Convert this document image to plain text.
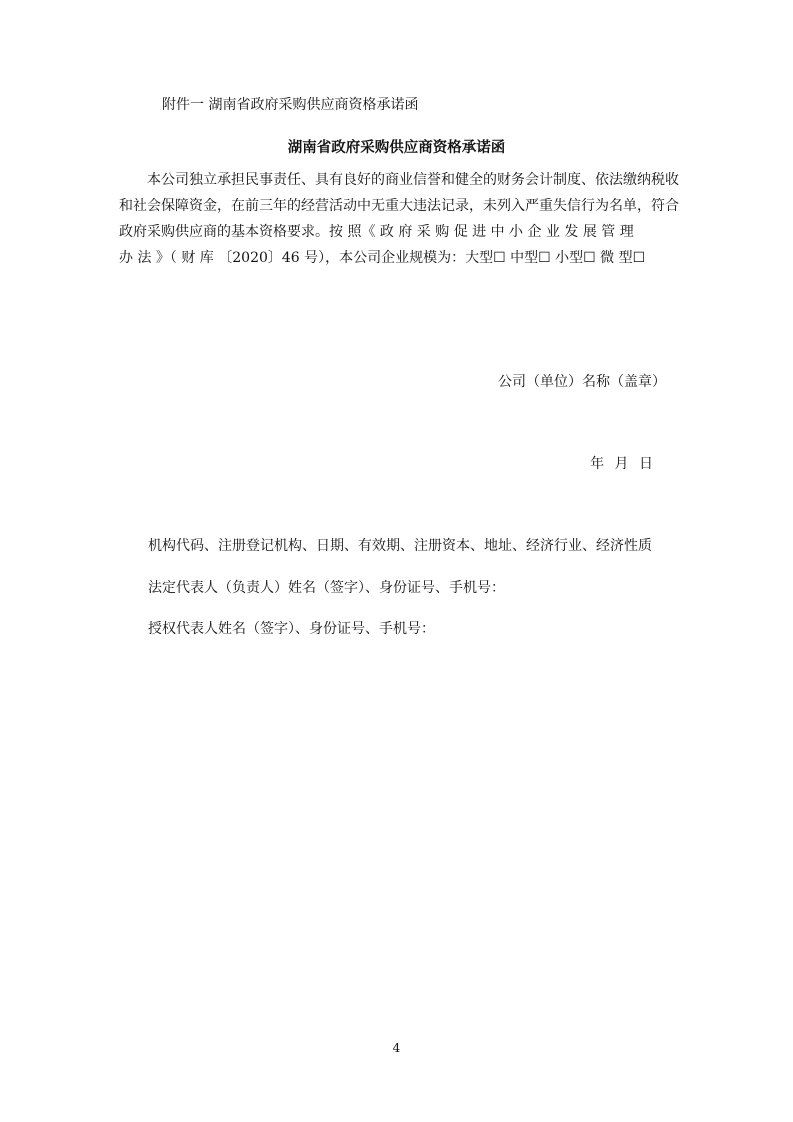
附件一 湖南省政府采购供应商资格承诺函
湖南省政府采购供应商资格承诺函
本公司独立承担民事责任、具有良好的商业信誉和健全的财务会计制度、依法缴纳税收
和社会保障资金，在前三年的经营活动中无重大违法记录，未列入严重失信行为名单，符合
政府采购供应商的基本资格要求。按 照《 政 府 采 购 促 进 中 小 企 业 发 展 管 理
办 法 》（ 财 库 〔2020〕46 号），本公司企业规模为：大型☐ 中型☐ 小型☐ 微 型☐
公司（单位）名称（盖章）
年 月 日
机构代码、注册登记机构、日期、有效期、注册资本、地址、经济行业、经济性质
法定代表人（负责人）姓名（签字）、身份证号、手机号：
授权代表人姓名（签字）、身份证号、手机号：
4
